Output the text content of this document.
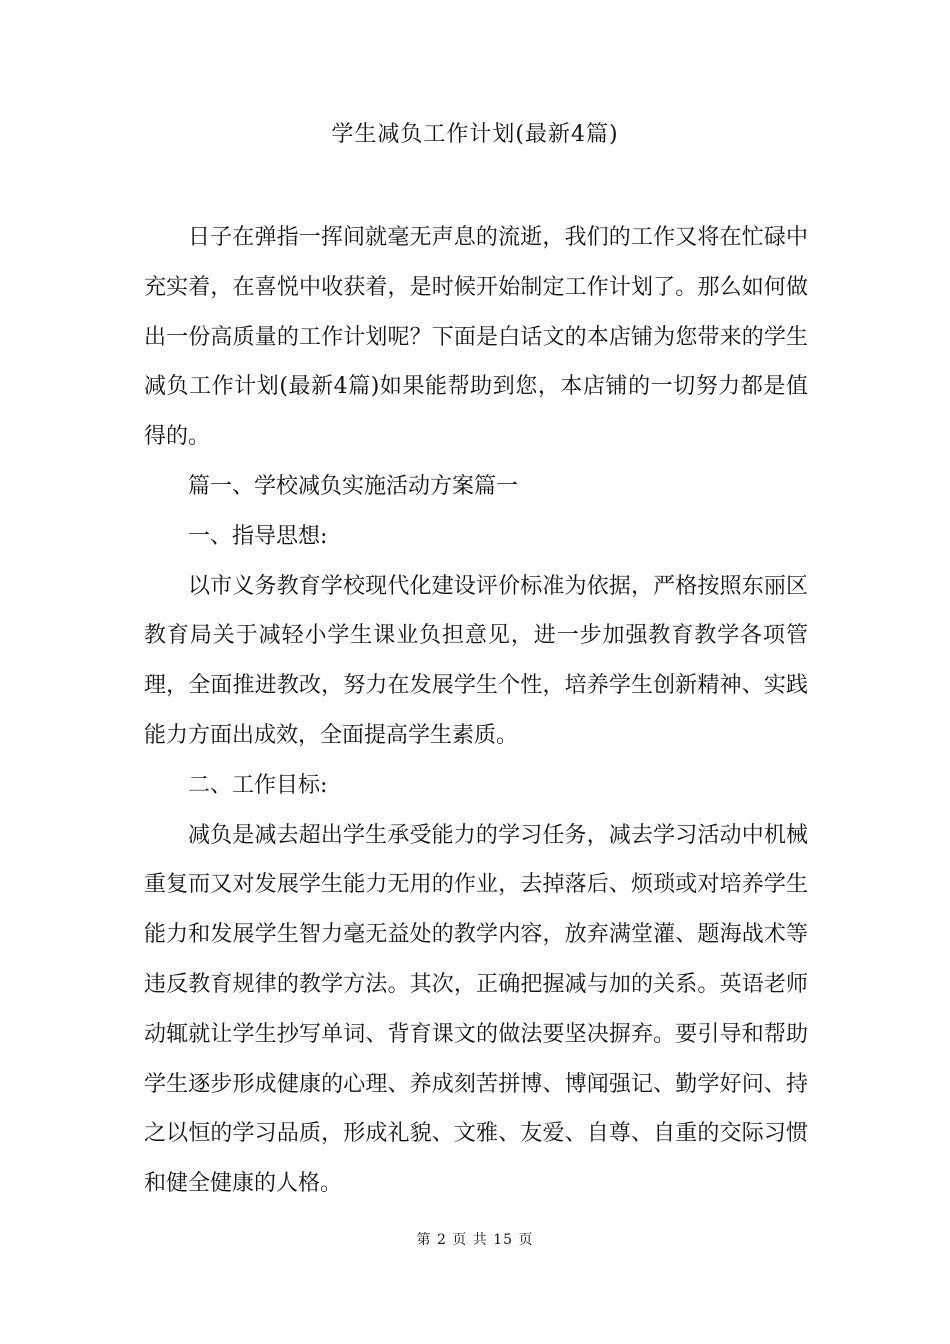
学生减负工作计划(最新4篇)

日子在弹指一挥间就毫无声息的流逝，我们的工作又将在忙碌中充实着，在喜悦中收获着，是时候开始制定工作计划了。那么如何做出一份高质量的工作计划呢？下面是白话文的本店铺为您带来的学生减负工作计划(最新4篇)如果能帮助到您，本店铺的一切努力都是值得的。

篇一、学校减负实施活动方案篇一

一、指导思想:

以市义务教育学校现代化建设评价标准为依据，严格按照东丽区教育局关于减轻小学生课业负担意见，进一步加强教育教学各项管理，全面推进教改，努力在发展学生个性，培养学生创新精神、实践能力方面出成效，全面提高学生素质。

二、工作目标:

减负是减去超出学生承受能力的学习任务，减去学习活动中机械重复而又对发展学生能力无用的作业，去掉落后、烦琐或对培养学生能力和发展学生智力毫无益处的教学内容，放弃满堂灌、题海战术等违反教育规律的教学方法。其次，正确把握减与加的关系。英语老师动辄就让学生抄写单词、背育课文的做法要坚决摒弃。要引导和帮助学生逐步形成健康的心理、养成刻苦拼博、博闻强记、勤学好问、持之以恒的学习品质，形成礼貌、文雅、友爱、自尊、自重的交际习惯和健全健康的人格。

第 2 页 共 15 页
